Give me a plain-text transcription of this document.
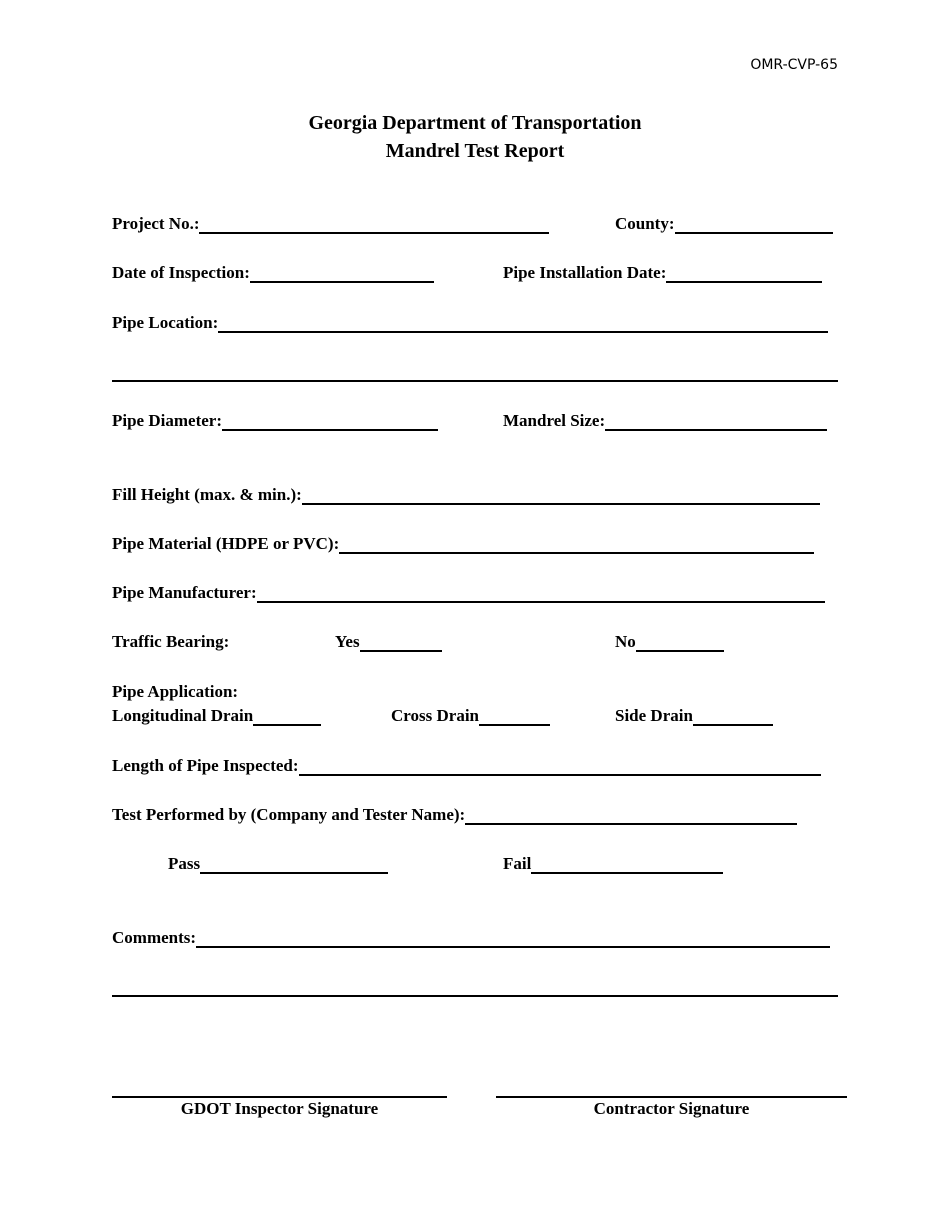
OMR-CVP-65
Georgia Department of Transportation
Mandrel Test Report
Project No.:	County:
Date of Inspection:	Pipe Installation Date:
Pipe Location:
Pipe Diameter:	Mandrel Size:
Fill Height (max. & min.):
Pipe Material (HDPE or PVC):
Pipe Manufacturer:
Traffic Bearing:	Yes	No
Pipe Application:
Longitudinal Drain	Cross Drain	Side Drain
Length of Pipe Inspected:
Test Performed by (Company and Tester Name):
Pass	Fail
Comments:
GDOT Inspector Signature	Contractor Signature
